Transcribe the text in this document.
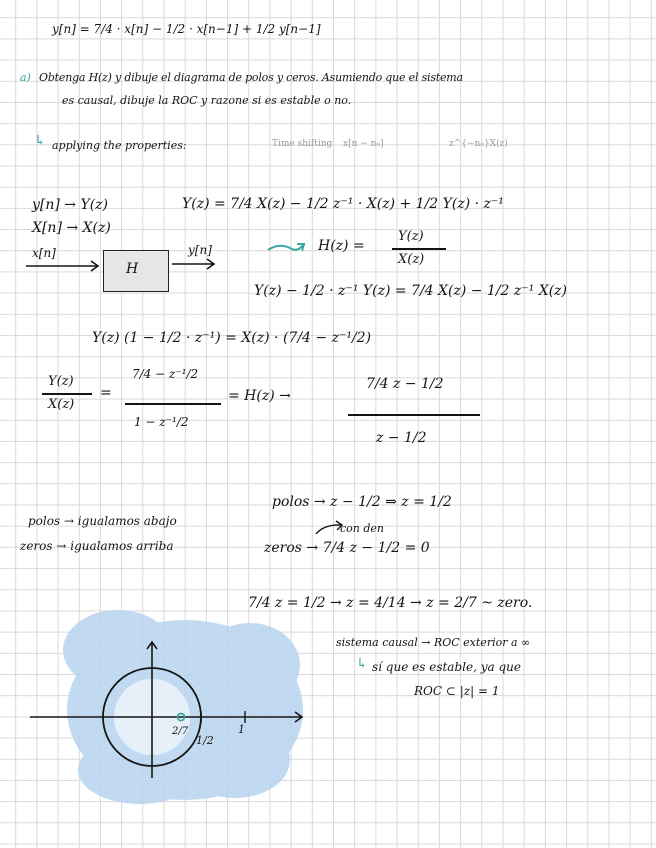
y[n] = 7/4 · x[n] − 1/2 · x[n−1] + 1/2 y[n−1]
a) Obtenga H(z) y dibuje el diagrama de polos y ceros. Asumiendo que el sistema
es causal, dibuje la ROC y razone si es estable o no.
↳ applying the properties:	Time shifting x[n − n₀]	z^{−n₀}X(z)
y[n] → Y(z)
X[n] → X(z)
Y(z) = 7/4 X(z) − 1/2 z⁻¹ · X(z) + 1/2 Y(z) · z⁻¹
x[n]
H
y[n]	H(z) =
Y(z)
X(z)
Y(z) − 1/2 · z⁻¹ Y(z) = 7/4 X(z) − 1/2 z⁻¹ X(z)
Y(z) (1 − 1/2 · z⁻¹) = X(z) · (7/4 − z⁻¹/2)
Y(z)
X(z)
=
7/4 − z⁻¹/2
1 − z⁻¹/2
= H(z) →
7/4 z − 1/2
z − 1/2
polos → z − 1/2 ⇒ z = 1/2
polos → igualamos abajo
con den
zeros → igualamos arriba	zeros → 7/4 z − 1/2 = 0
7/4 z = 1/2 → z = 4/14 → z = 2/7 ~ zero.
sistema causal → ROC exterior a ∞
↳ sí que es estable, ya que
ROC ⊂ |z| = 1
2/7
1/2
1
